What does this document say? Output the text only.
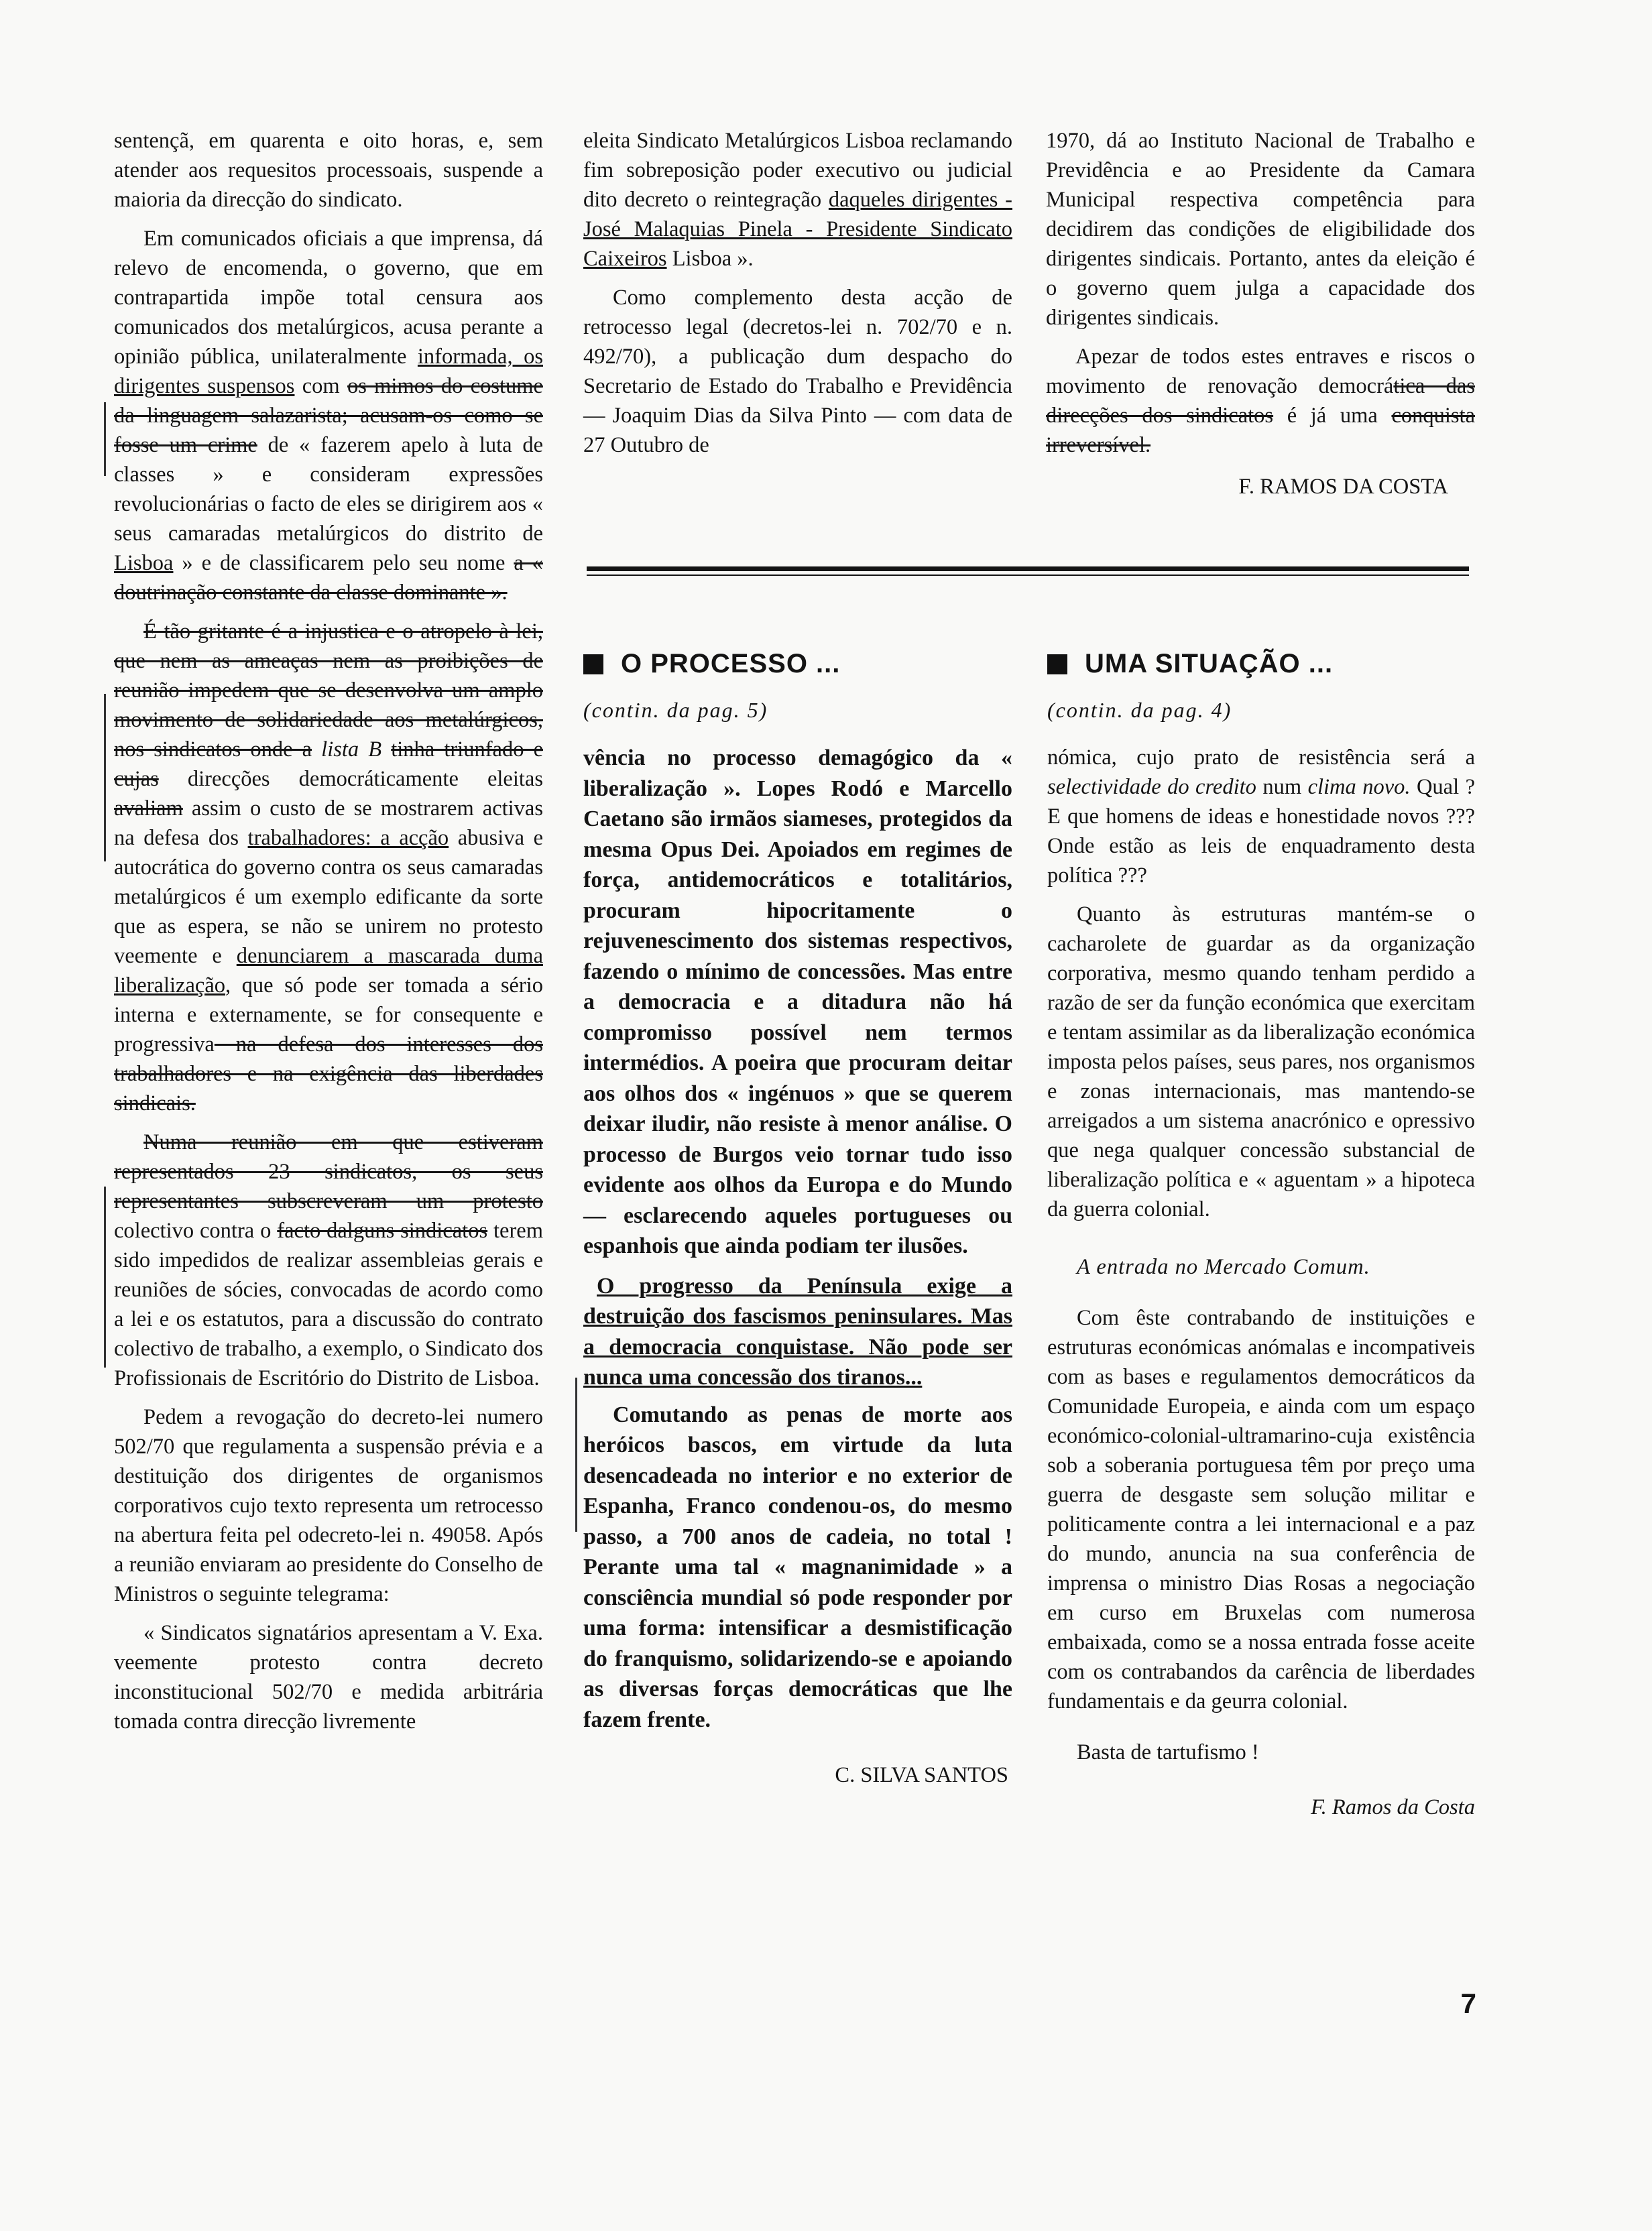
sentençã, em quarenta e oito horas, e, sem atender aos requesitos processoais, suspende a maioria da direcção do sindicato.

Em comunicados oficiais a que imprensa, dá relevo de encomenda, o governo, que em contrapartida impõe total censura aos comunicados dos metalúrgicos, acusa perante a opinião pública, unilateralmente informada, os dirigentes suspensos com os mimos do costume da linguagem salazarista; acusam-os como se fosse um crime de « fazerem apelo à luta de classes » e consideram expressões revolucionárias o facto de eles se dirigirem aos « seus camaradas metalúrgicos do distrito de Lisboa » e de classificarem pelo seu nome a « doutrinação constante da classe dominante ».

É tão gritante é a injustica e o atropelo à lei, que nem as ameaças nem as proibições de reunião impedem que se desenvolva um amplo movimento de solidariedade aos metalúrgicos, nos sindicatos onde a lista B tinha triunfado e cujas direcções democráticamente eleitas avaliam assim o custo de se mostrarem activas na defesa dos trabalhadores: a acção abusiva e autocrática do governo contra os seus camaradas metalúrgicos é um exemplo edificante da sorte que as espera, se não se unirem no protesto veemente e denunciarem a mascarada duma liberalização, que só pode ser tomada a sério interna e externamente, se for consequente e progressiva na defesa dos interesses dos trabalhadores e na exigência das liberdades sindicais.

Numa reunião em que estiveram representados 23 sindicatos, os seus representantes subscreveram um protesto colectivo contra o facto dalguns sindicatos terem sido impedidos de realizar assembleias gerais e reuniões de sócies, convocadas de acordo como a lei e os estatutos, para a discussão do contrato colectivo de trabalho, a exemplo, o Sindicato dos Profissionais de Escritório do Distrito de Lisboa.

Pedem a revogação do decreto-lei numero 502/70 que regulamenta a suspensão prévia e a destituição dos dirigentes de organismos corporativos cujo texto representa um retrocesso na abertura feita pel odecreto-lei n. 49058. Após a reunião enviaram ao presidente do Conselho de Ministros o seguinte telegrama:

« Sindicatos signatários apresentam a V. Exa. veemente protesto contra decreto inconstitucional 502/70 e medida arbitrária tomada contra direcção livremente

eleita Sindicato Metalúrgicos Lisboa reclamando fim sobreposição poder executivo ou judicial dito decreto o reintegração daqueles dirigentes - José Malaquias Pinela - Presidente Sindicato Caixeiros Lisboa ».

Como complemento desta acção de retrocesso legal (decretos-lei n. 702/70 e n. 492/70), a publicação dum despacho do Secretario de Estado do Trabalho e Previdência — Joaquim Dias da Silva Pinto — com data de 27 Outubro de

1970, dá ao Instituto Nacional de Trabalho e Previdência e ao Presidente da Camara Municipal respectiva competência para decidirem das condições de eligibilidade dos dirigentes sindicais. Portanto, antes da eleição é o governo quem julga a capacidade dos dirigentes sindicais.

Apezar de todos estes entraves e riscos o movimento de renovação democrática das direcções dos sindicatos é já uma conquista irreversível.

F. RAMOS DA COSTA

O PROCESSO ...

(contin. da pag. 5)

vência no processo demagógico da « liberalização ». Lopes Rodó e Marcello Caetano são irmãos siameses, protegidos da mesma Opus Dei. Apoiados em regimes de força, antidemocráticos e totalitários, procuram hipocritamente o rejuvenescimento dos sistemas respectivos, fazendo o mínimo de concessões. Mas entre a democracia e a ditadura não há compromisso possível nem termos intermédios. A poeira que procuram deitar aos olhos dos « ingénuos » que se querem deixar iludir, não resiste à menor análise. O processo de Burgos veio tornar tudo isso evidente aos olhos da Europa e do Mundo — esclarecendo aqueles portugueses ou espanhois que ainda podiam ter ilusões.

O progresso da Península exige a destruição dos fascismos peninsulares. Mas a democracia conquistase. Não pode ser nunca uma concessão dos tiranos...

Comutando as penas de morte aos heróicos bascos, em virtude da luta desencadeada no interior e no exterior de Espanha, Franco condenou-os, do mesmo passo, a 700 anos de cadeia, no total ! Perante uma tal « magnanimidade » a consciência mundial só pode responder por uma forma: intensificar a desmistificação do franquismo, solidarizendo-se e apoiando as diversas forças democráticas que lhe fazem frente.

C. SILVA SANTOS

UMA SITUAÇÃO ...

(contin. da pag. 4)

nómica, cujo prato de resistência será a selectividade do credito num clima novo. Qual ? E que homens de ideas e honestidade novos ??? Onde estão as leis de enquadramento desta política ???

Quanto às estruturas mantém-se o cacharolete de guardar as da organização corporativa, mesmo quando tenham perdido a razão de ser da função económica que exercitam e tentam assimilar as da liberalização económica imposta pelos países, seus pares, nos organismos e zonas internacionais, mas mantendo-se arreigados a um sistema anacrónico e opressivo que nega qualquer concessão substancial de liberalização política e « aguentam » a hipoteca da guerra colonial.

A entrada no Mercado Comum.

Com êste contrabando de instituições e estruturas económicas anómalas e incompativeis com as bases e regulamentos democráticos da Comunidade Europeia, e ainda com um espaço económico-colonial-ultramarino-cuja existência sob a soberania portuguesa têm por preço uma guerra de desgaste sem solução militar e politicamente contra a lei internacional e a paz do mundo, anuncia na sua conferência de imprensa o ministro Dias Rosas a negociação em curso em Bruxelas com numerosa embaixada, como se a nossa entrada fosse aceite com os contrabandos da carência de liberdades fundamentais e da geurra colonial.

Basta de tartufismo !

F. Ramos da Costa

7
